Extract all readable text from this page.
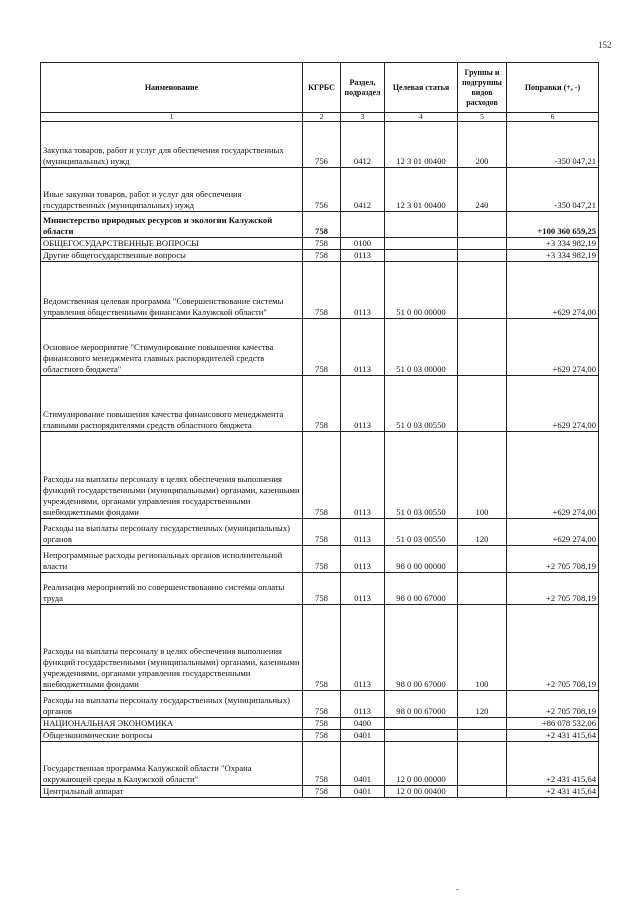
152
Наименование	КГРБС	Раздел, подраздел	Целевая статья	Группы и подгруппы видов расходов	Поправки (+, -)
1	2	3	4	5	6
Закупка товаров, работ и услуг для обеспечения государственных (муниципальных) нужд	756	0412	12 3 01 00400	200	-350 047,21
Иные закупки товаров, работ и услуг для обеспечения государственных (муниципальных) нужд	756	0412	12 3 01 00400	240	-350 047,21
Министерство природных ресурсов и экологии Калужской области	758				+100 360 659,25
ОБЩЕГОСУДАРСТВЕННЫЕ ВОПРОСЫ	758	0100			+3 334 982,19
Другие общегосударственные вопросы	758	0113			+3 334 982,19
Ведомственная целевая программа "Совершенствование системы управления общественными финансами Калужской области"	758	0113	51 0 00 00000		+629 274,00
Основное мероприятие "Стимулирование повышения качества финансового менеджмента главных распорядителей средств областного бюджета"	758	0113	51 0 03 00000		+629 274,00
Стимулирование повышения качества финансового менеджмента главными распорядителями средств областного бюджета	758	0113	51 0 03 00550		+629 274,00
Расходы на выплаты персоналу в целях обеспечения выполнения функций государственными (муниципальными) органами, казенными учреждениями, органами управления государственными внебюджетными фондами	758	0113	51 0 03 00550	100	+629 274,00
Расходы на выплаты персоналу государственных (муниципальных) органов	758	0113	51 0 03 00550	120	+629 274,00
Непрограммные расходы региональных органов исполнительной власти	758	0113	98 0 00 00000		+2 705 708,19
Реализация мероприятий по совершенствованию системы оплаты труда	758	0113	98 0 00 67000		+2 705 708,19
Расходы на выплаты персоналу в целях обеспечения выполнения функций государственными (муниципальными) органами, казенными учреждениями, органами управления государственными внебюджетными фондами	758	0113	98 0 00 67000	100	+2 705 708,19
Расходы на выплаты персоналу государственных (муниципальных) органов	758	0113	98 0 00 67000	120	+2 705 708,19
НАЦИОНАЛЬНАЯ ЭКОНОМИКА	758	0400			+86 078 532,06
Общеэкономические вопросы	758	0401			+2 431 415,64
Государственная программа Калужской области "Охрана окружающей среды в Калужской области"	758	0401	12 0 00 00000		+2 431 415,64
Центральный аппарат	758	0401	12 0 00 00400		+2 431 415,64
